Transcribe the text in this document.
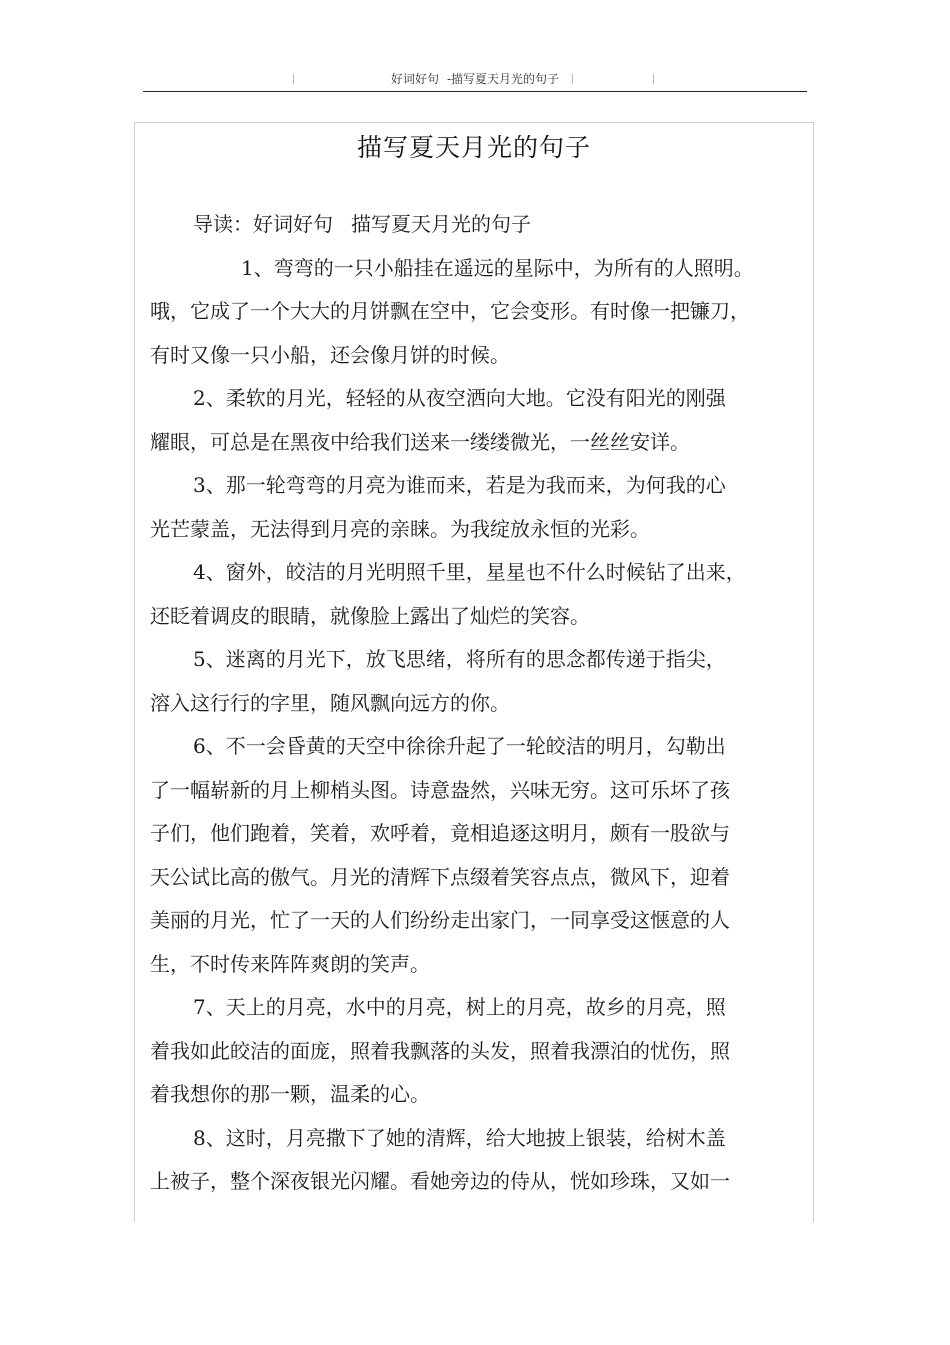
好词好句 -描写夏天月光的句子
描写夏天月光的句子
导读：好词好句 描写夏天月光的句子
1、弯弯的一只小船挂在遥远的星际中，为所有的人照明。
哦，它成了一个大大的月饼飘在空中，它会变形。有时像一把镰刀，
有时又像一只小船，还会像月饼的时候。
2、柔软的月光，轻轻的从夜空洒向大地。它没有阳光的刚强
耀眼，可总是在黑夜中给我们送来一缕缕微光，一丝丝安详。
3、那一轮弯弯的月亮为谁而来，若是为我而来，为何我的心
光芒蒙盖，无法得到月亮的亲睐。为我绽放永恒的光彩。
4、窗外，皎洁的月光明照千里，星星也不什么时候钻了出来，
还眨着调皮的眼睛，就像脸上露出了灿烂的笑容。
5、迷离的月光下，放飞思绪，将所有的思念都传递于指尖，
溶入这行行的字里，随风飘向远方的你。
6、不一会昏黄的天空中徐徐升起了一轮皎洁的明月，勾勒出
了一幅崭新的月上柳梢头图。诗意盎然，兴味无穷。这可乐坏了孩
子们，他们跑着，笑着，欢呼着，竟相追逐这明月，颇有一股欲与
天公试比高的傲气。月光的清辉下点缀着笑容点点，微风下，迎着
美丽的月光，忙了一天的人们纷纷走出家门，一同享受这惬意的人
生，不时传来阵阵爽朗的笑声。
7、天上的月亮，水中的月亮，树上的月亮，故乡的月亮，照
着我如此皎洁的面庞，照着我飘落的头发，照着我漂泊的忧伤，照
着我想你的那一颗，温柔的心。
8、这时，月亮撒下了她的清辉，给大地披上银装，给树木盖
上被子，整个深夜银光闪耀。看她旁边的侍从，恍如珍珠，又如一
